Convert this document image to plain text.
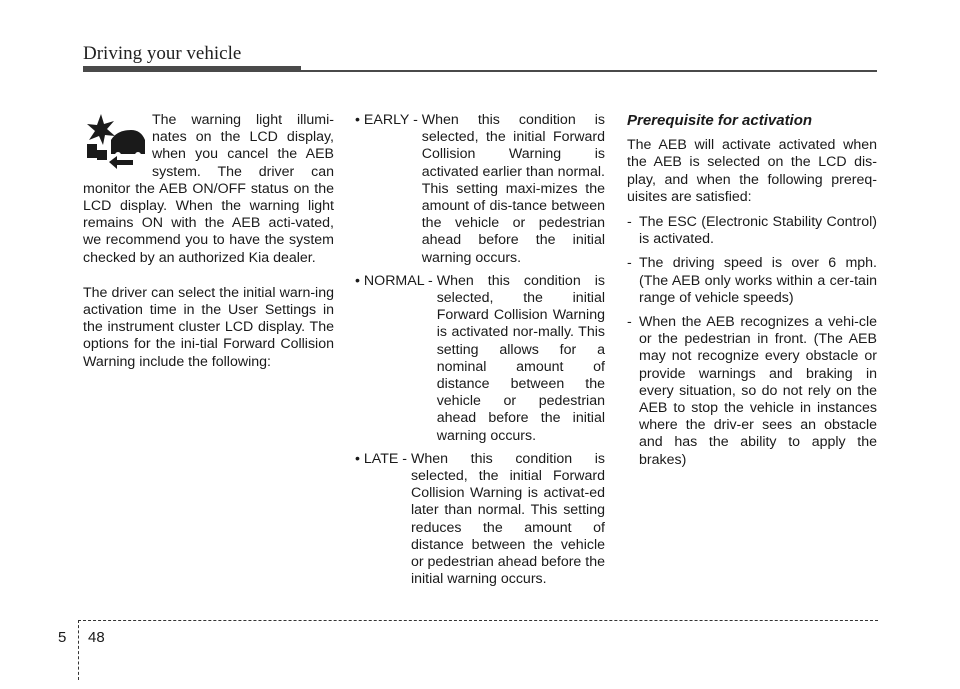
Driving your vehicle

The warning light illumi-nates on the LCD display, when you cancel the AEB system. The driver can monitor the AEB ON/OFF status on the LCD display. When the warning light remains ON with the AEB acti-vated, we recommend you to have the system checked by an authorized Kia dealer.

The driver can select the initial warn-ing activation time in the User Settings in the instrument cluster LCD display. The options for the ini-tial Forward Collision Warning include the following:

• EARLY - When this condition is selected, the initial Forward Collision Warning is activated earlier than normal. This setting maxi-mizes the amount of dis-tance between the vehicle or pedestrian ahead before the initial warning occurs.
• NORMAL - When this condition is selected, the initial Forward Collision Warning is activated nor-mally. This setting allows for a nominal amount of distance between the vehicle or pedestrian ahead before the initial warning occurs.
• LATE - When this condition is selected, the initial Forward Collision Warning is activat-ed later than normal. This setting reduces the amount of distance between the vehicle or pedestrian ahead before the initial warning occurs.

Prerequisite for activation

The AEB will activate activated when the AEB is selected on the LCD dis-play, and when the following prereq-uisites are satisfied:

- The ESC (Electronic Stability Control) is activated.
- The driving speed is over 6 mph. (The AEB only works within a cer-tain range of vehicle speeds)
- When the AEB recognizes a vehi-cle or the pedestrian in front. (The AEB may not recognize every obstacle or provide warnings and braking in every situation, so do not rely on the AEB to stop the vehicle in instances where the driv-er sees an obstacle and has the ability to apply the brakes)
5 48
